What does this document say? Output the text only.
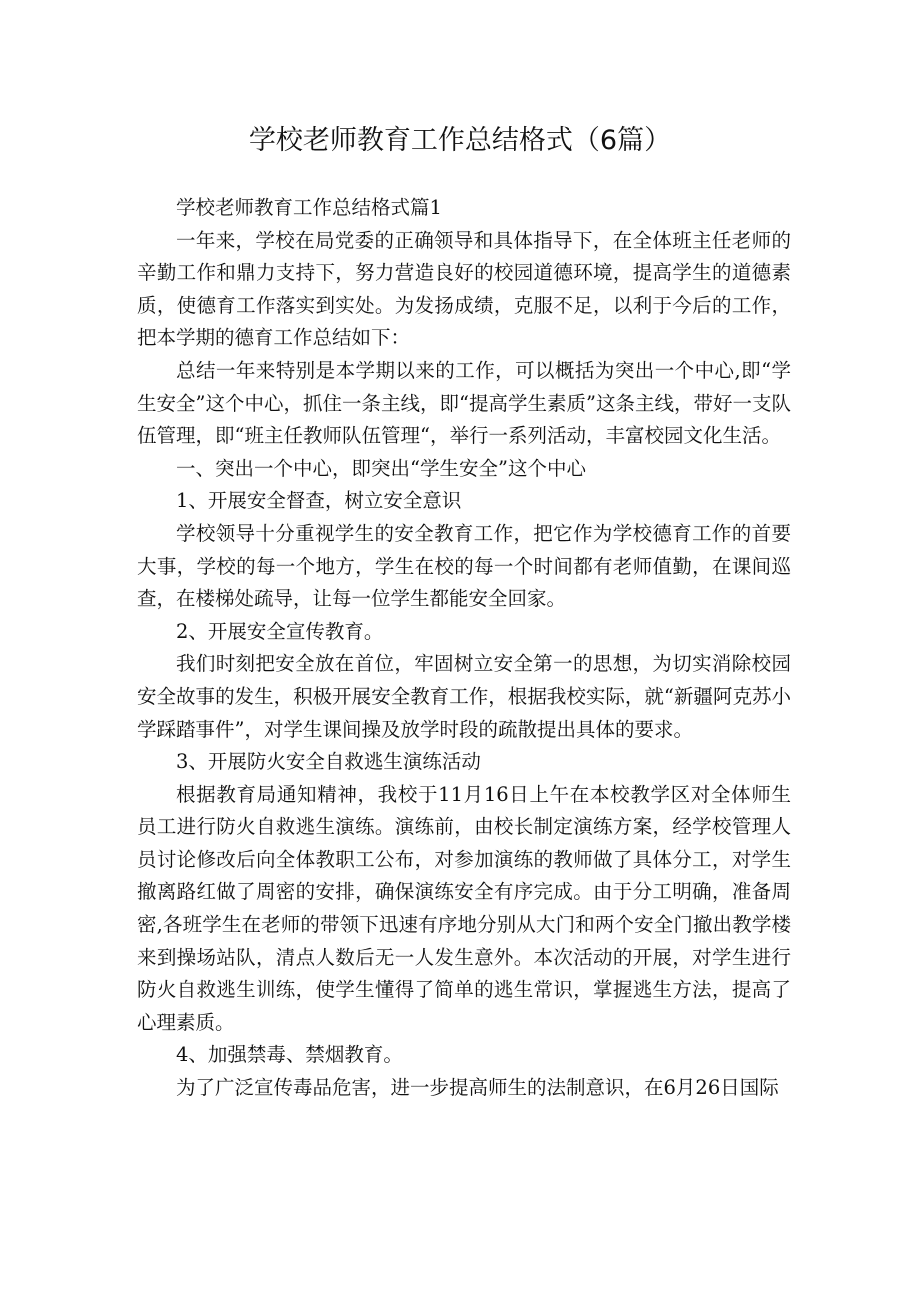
学校老师教育工作总结格式（6篇）

学校老师教育工作总结格式篇1

一年来，学校在局党委的正确领导和具体指导下，在全体班主任老师的辛勤工作和鼎力支持下，努力营造良好的校园道德环境，提高学生的道德素质，使德育工作落实到实处。为发扬成绩，克服不足，以利于今后的工作，把本学期的德育工作总结如下：

总结一年来特别是本学期以来的工作，可以概括为突出一个中心,即“学生安全”这个中心，抓住一条主线，即“提高学生素质”这条主线，带好一支队伍管理，即“班主任教师队伍管理“，举行一系列活动，丰富校园文化生活。

一、突出一个中心，即突出“学生安全”这个中心

1、开展安全督查，树立安全意识

学校领导十分重视学生的安全教育工作，把它作为学校德育工作的首要大事，学校的每一个地方，学生在校的每一个时间都有老师值勤，在课间巡查，在楼梯处疏导，让每一位学生都能安全回家。

2、开展安全宣传教育。

我们时刻把安全放在首位，牢固树立安全第一的思想，为切实消除校园安全故事的发生，积极开展安全教育工作，根据我校实际，就“新疆阿克苏小学踩踏事件”，对学生课间操及放学时段的疏散提出具体的要求。

3、开展防火安全自救逃生演练活动

根据教育局通知精神，我校于11月16日上午在本校教学区对全体师生员工进行防火自救逃生演练。演练前，由校长制定演练方案，经学校管理人员讨论修改后向全体教职工公布，对参加演练的教师做了具体分工，对学生撤离路红做了周密的安排，确保演练安全有序完成。由于分工明确，准备周密,各班学生在老师的带领下迅速有序地分别从大门和两个安全门撤出教学楼来到操场站队，清点人数后无一人发生意外。本次活动的开展，对学生进行防火自救逃生训练，使学生懂得了简单的逃生常识，掌握逃生方法，提高了心理素质。

4、加强禁毒、禁烟教育。

为了广泛宣传毒品危害，进一步提高师生的法制意识，在6月26日国际
